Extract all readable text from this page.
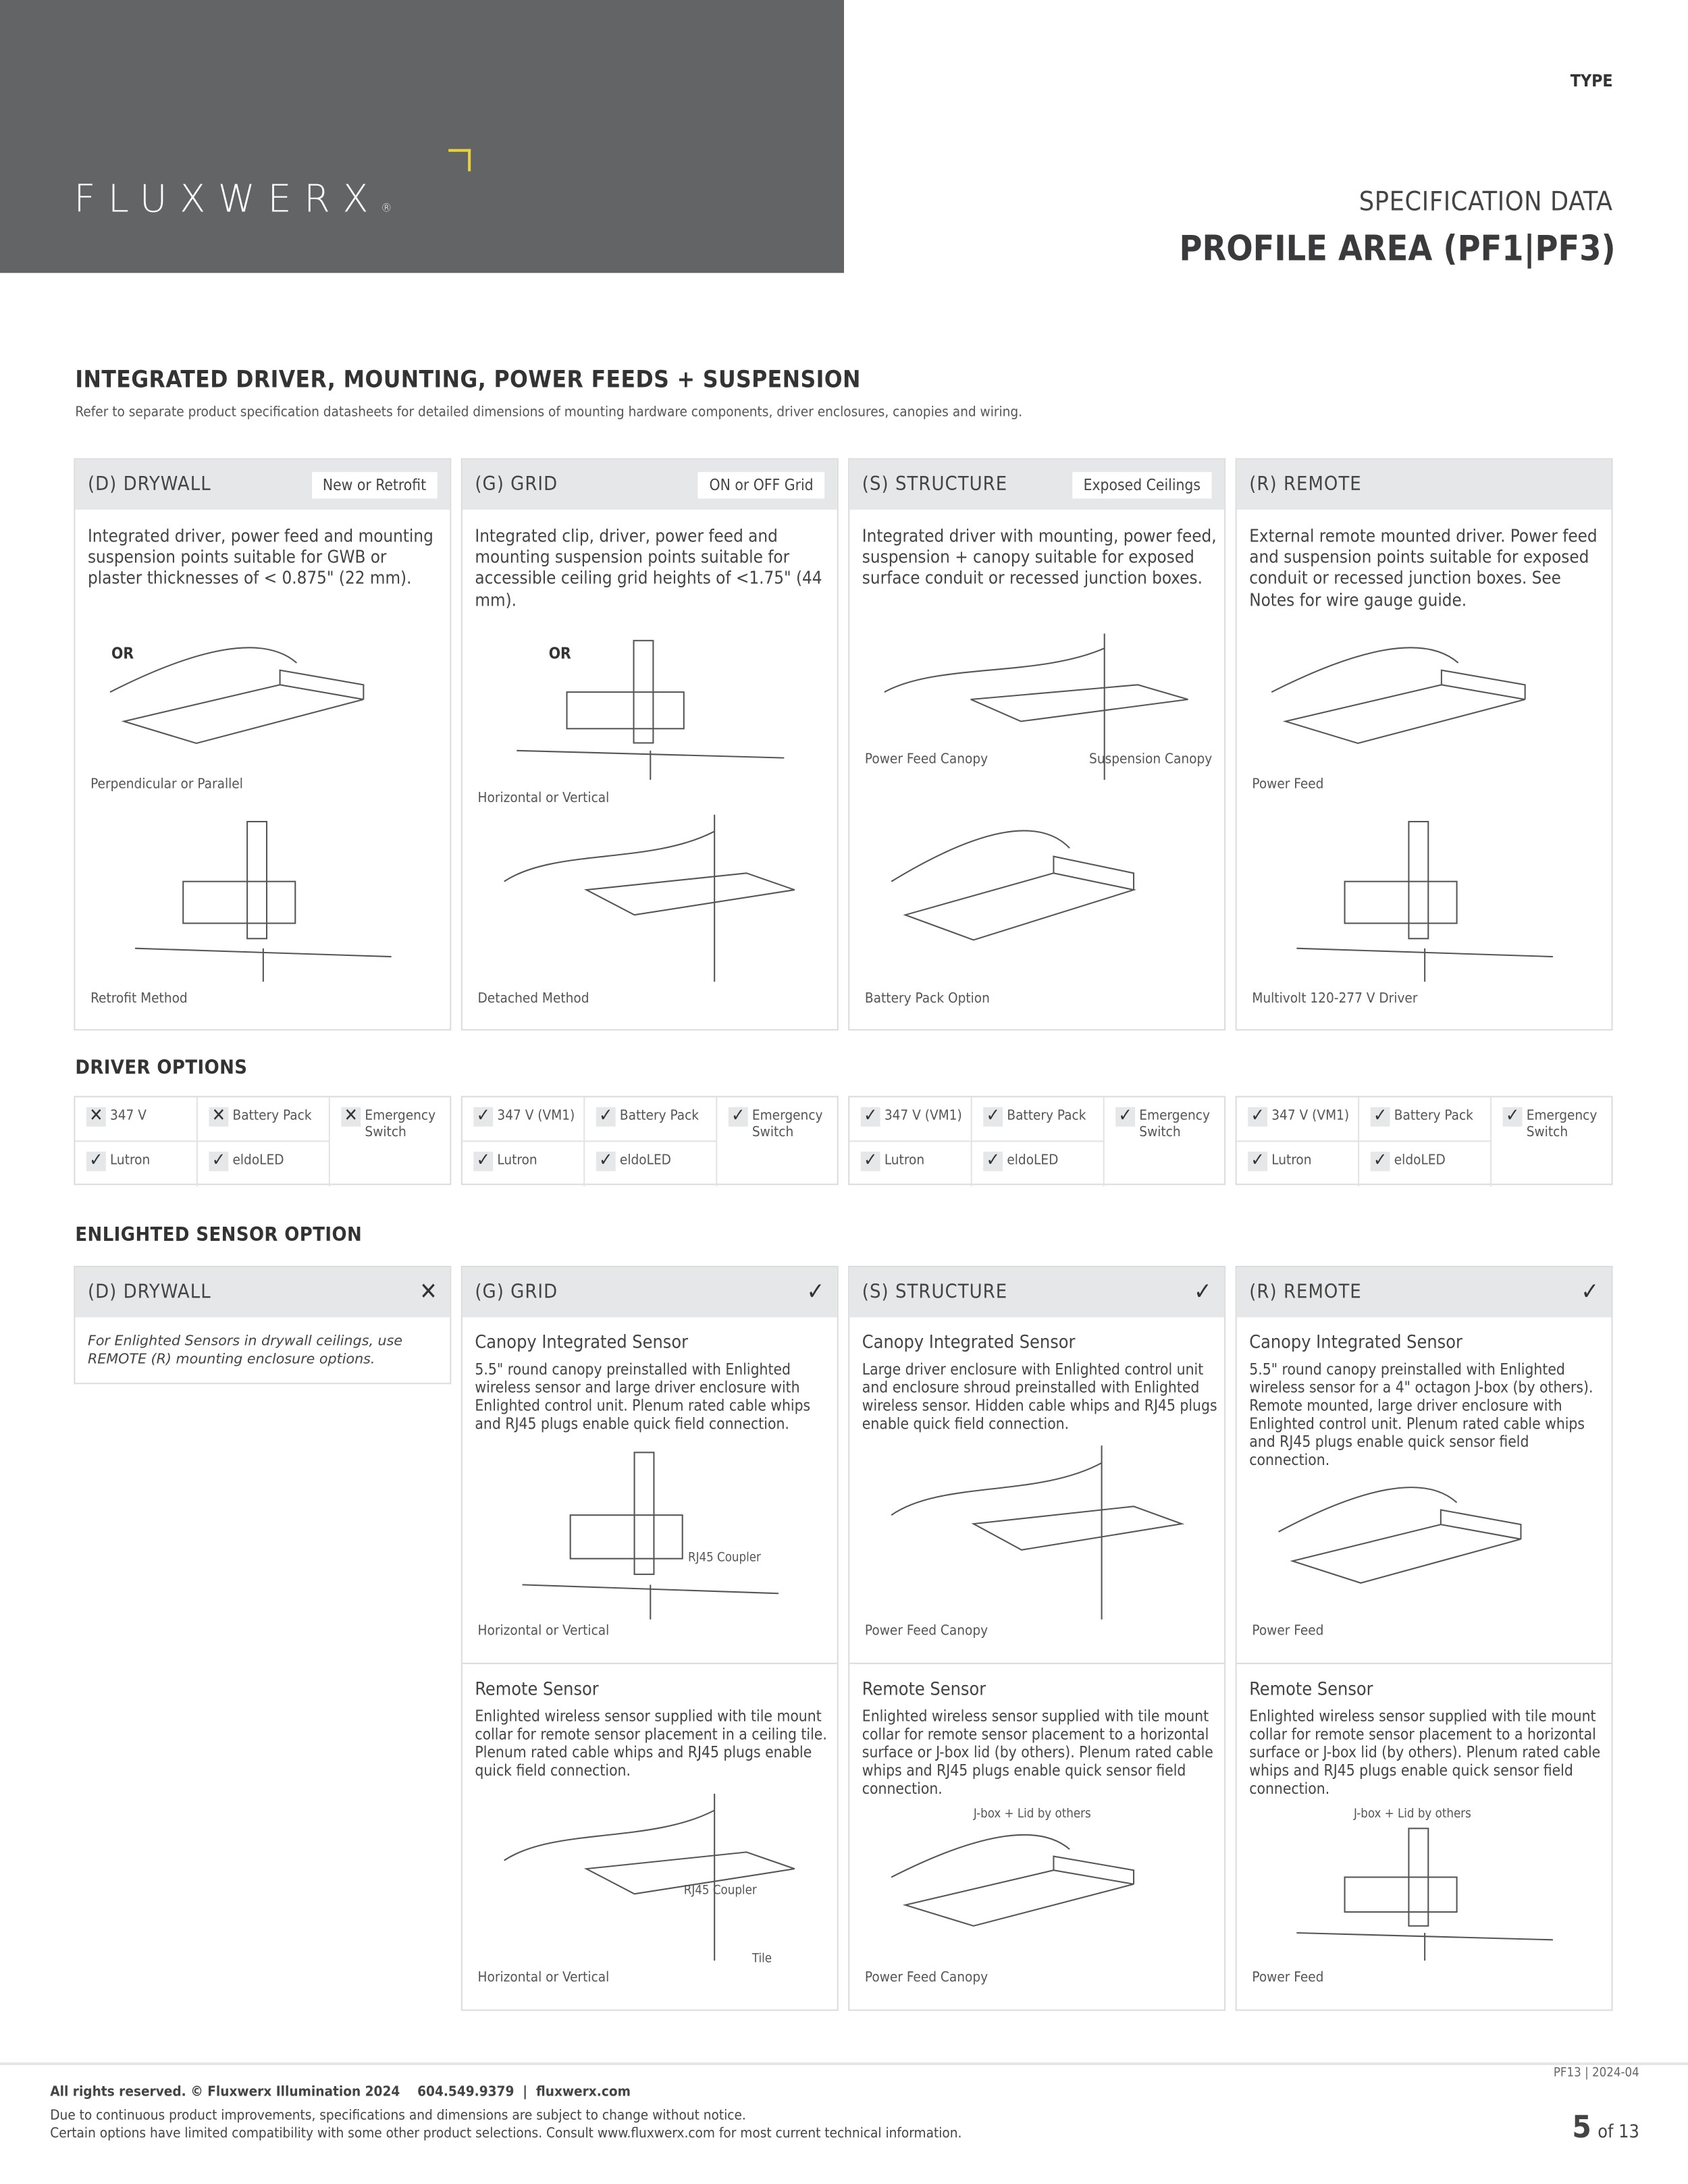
FLUXWERX®
TYPE
SPECIFICATION DATA
PROFILE AREA (PF1|PF3)
INTEGRATED DRIVER, MOUNTING, POWER FEEDS + SUSPENSION
Refer to separate product specification datasheets for detailed dimensions of mounting hardware components, driver enclosures, canopies and wiring.
(D) DRYWALL	New or Retrofit
Integrated driver, power feed and mounting suspension points suitable for GWB or plaster thicknesses of < 0.875" (22 mm).
OR
Perpendicular or Parallel
Retrofit Method
(G) GRID	ON or OFF Grid
Integrated clip, driver, power feed and mounting suspension points suitable for accessible ceiling grid heights of <1.75" (44 mm).
OR
Horizontal or Vertical
Detached Method
(S) STRUCTURE	Exposed Ceilings
Integrated driver with mounting, power feed, suspension + canopy suitable for exposed surface conduit or recessed junction boxes.
Power Feed Canopy	Suspension Canopy
Battery Pack Option
(R) REMOTE
External remote mounted driver. Power feed and suspension points suitable for exposed conduit or recessed junction boxes. See Notes for wire gauge guide.
Power Feed
Multivolt 120-277 V Driver
DRIVER OPTIONS
✕	347 V	✕	Battery Pack	✕	Emergency Switch
✓	Lutron	✓	eldoLED
✓	347 V (VM1)	✓	Battery Pack	✓	Emergency Switch
✓	Lutron	✓	eldoLED
✓	347 V (VM1)	✓	Battery Pack	✓	Emergency Switch
✓	Lutron	✓	eldoLED
✓	347 V (VM1)	✓	Battery Pack	✓	Emergency Switch
✓	Lutron	✓	eldoLED
ENLIGHTED SENSOR OPTION
(D) DRYWALL	✕
For Enlighted Sensors in drywall ceilings, use REMOTE (R) mounting enclosure options.
(G) GRID	✓
Canopy Integrated Sensor
5.5" round canopy preinstalled with Enlighted wireless sensor and large driver enclosure with Enlighted control unit. Plenum rated cable whips and RJ45 plugs enable quick field connection.
RJ45 Coupler
Horizontal or Vertical
Remote Sensor
Enlighted wireless sensor supplied with tile mount collar for remote sensor placement in a ceiling tile. Plenum rated cable whips and RJ45 plugs enable quick field connection.
RJ45 Coupler
Tile
Horizontal or Vertical
(S) STRUCTURE	✓
Canopy Integrated Sensor
Large driver enclosure with Enlighted control unit and enclosure shroud preinstalled with Enlighted wireless sensor. Hidden cable whips and RJ45 plugs enable quick field connection.
Power Feed Canopy
Remote Sensor
Enlighted wireless sensor supplied with tile mount collar for remote sensor placement to a horizontal surface or J-box lid (by others). Plenum rated cable whips and RJ45 plugs enable quick sensor field connection.
J-box + Lid by others
Power Feed Canopy
(R) REMOTE	✓
Canopy Integrated Sensor
5.5" round canopy preinstalled with Enlighted wireless sensor for a 4" octagon J-box (by others). Remote mounted, large driver enclosure with Enlighted control unit. Plenum rated cable whips and RJ45 plugs enable quick sensor field connection.
Power Feed
Remote Sensor
Enlighted wireless sensor supplied with tile mount collar for remote sensor placement to a horizontal surface or J-box lid (by others). Plenum rated cable whips and RJ45 plugs enable quick sensor field connection.
J-box + Lid by others
Power Feed
PF13 | 2024-04
All rights reserved. © Fluxwerx Illumination 2024	604.549.9379  |  fluxwerx.com
Due to continuous product improvements, specifications and dimensions are subject to change without notice.
Certain options have limited compatibility with some other product selections. Consult www.fluxwerx.com for most current technical information.	5 of 13
